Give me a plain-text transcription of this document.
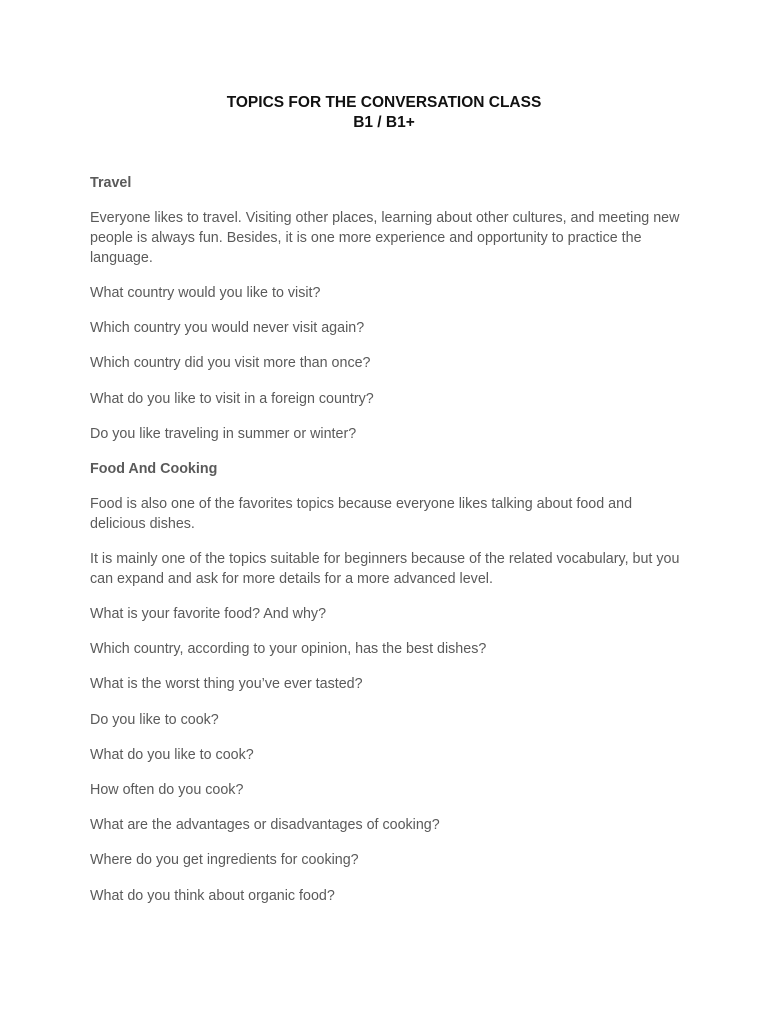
TOPICS FOR THE CONVERSATION CLASS
B1 / B1+

Travel

Everyone likes to travel. Visiting other places, learning about other cultures, and meeting new people is always fun. Besides, it is one more experience and opportunity to practice the language.

What country would you like to visit?

Which country you would never visit again?

Which country did you visit more than once?

What do you like to visit in a foreign country?

Do you like traveling in summer or winter?

Food And Cooking

Food is also one of the favorites topics because everyone likes talking about food and delicious dishes.

It is mainly one of the topics suitable for beginners because of the related vocabulary, but you can expand and ask for more details for a more advanced level.

What is your favorite food? And why?

Which country, according to your opinion, has the best dishes?

What is the worst thing you’ve ever tasted?

Do you like to cook?

What do you like to cook?

How often do you cook?

What are the advantages or disadvantages of cooking?

Where do you get ingredients for cooking?

What do you think about organic food?
